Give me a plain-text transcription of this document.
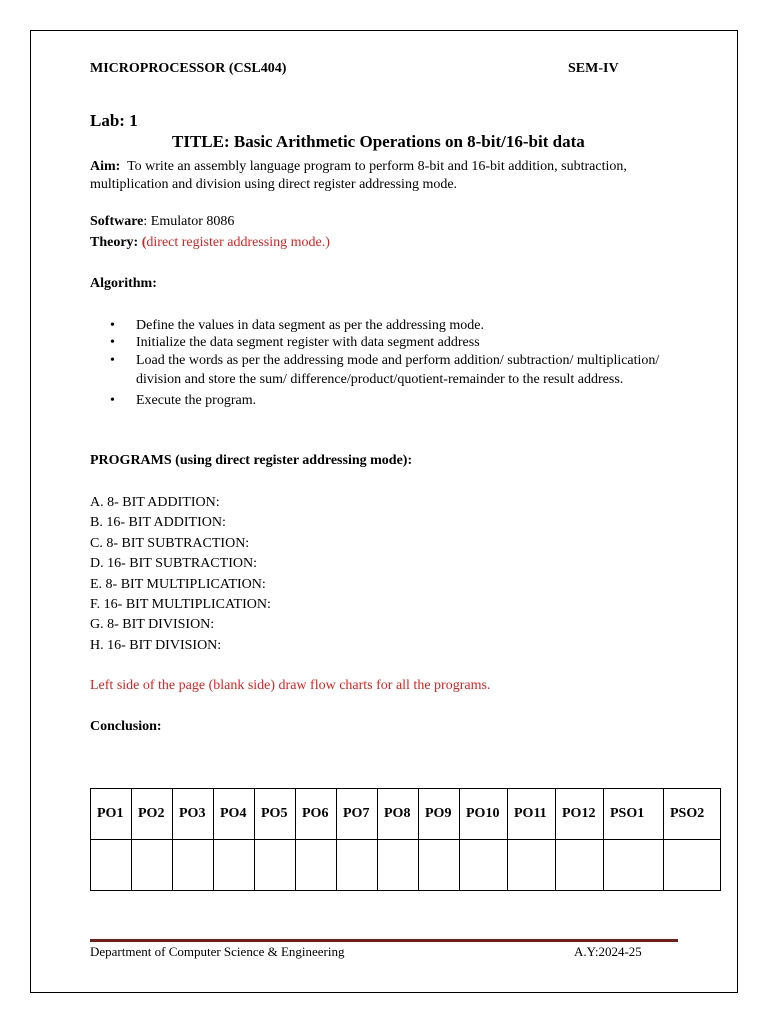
MICROPROCESSOR (CSL404)	SEM-IV
Lab: 1
TITLE: Basic Arithmetic Operations on 8-bit/16-bit data
Aim: To write an assembly language program to perform 8-bit and 16-bit addition, subtraction, multiplication and division using direct register addressing mode.
Software: Emulator 8086
Theory: (direct register addressing mode.)
Algorithm:
• Define the values in data segment as per the addressing mode.
• Initialize the data segment register with data segment address
• Load the words as per the addressing mode and perform addition/ subtraction/ multiplication/ division and store the sum/ difference/product/quotient-remainder to the result address.
• Execute the program.
PROGRAMS (using direct register addressing mode):
A. 8- BIT ADDITION:
B. 16- BIT ADDITION:
C. 8- BIT SUBTRACTION:
D. 16- BIT SUBTRACTION:
E. 8- BIT MULTIPLICATION:
F. 16- BIT MULTIPLICATION:
G. 8- BIT DIVISION:
H. 16- BIT DIVISION:
Left side of the page (blank side) draw flow charts for all the programs.
Conclusion:
PO1	PO2	PO3	PO4	PO5	PO6	PO7	PO8	PO9	PO10	PO11	PO12	PSO1	PSO2

Department of Computer Science & Engineering	A.Y:2024-25
